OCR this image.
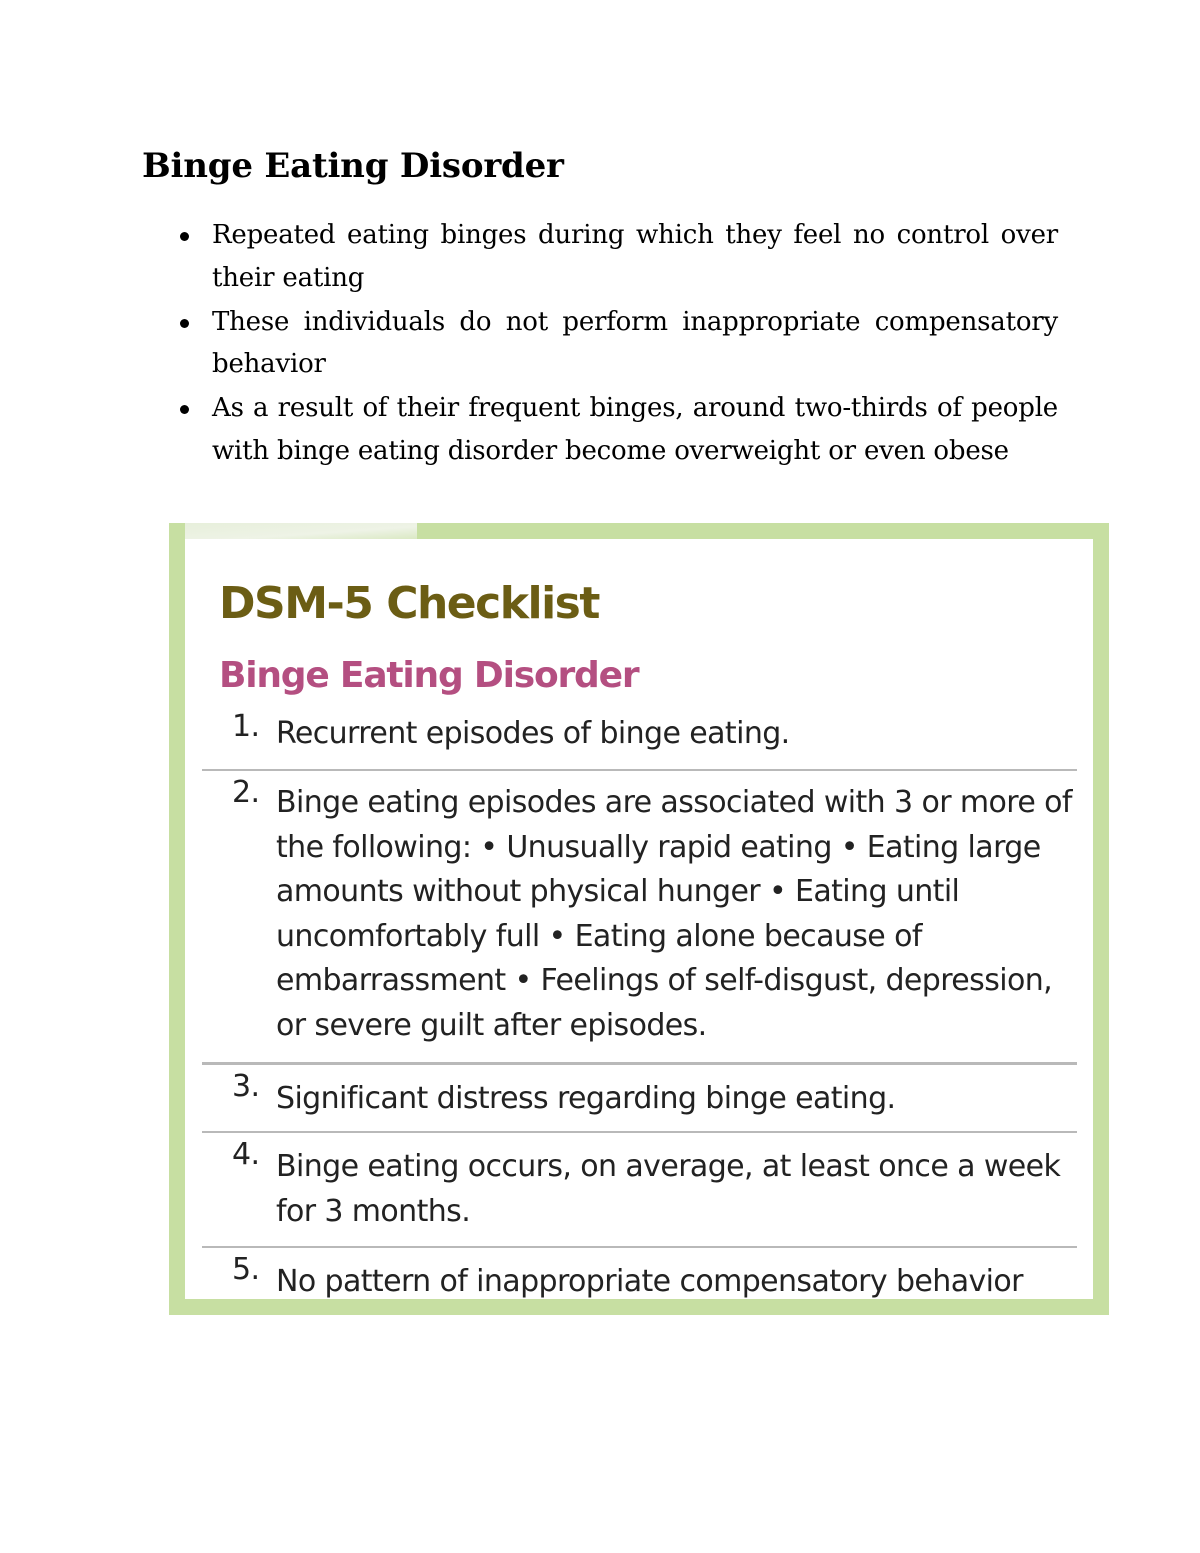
Binge Eating Disorder
Repeated eating binges during which they feel no control over their eating
These individuals do not perform inappropriate compensatory behavior
As a result of their frequent binges, around two-thirds of people with binge eating disorder become overweight or even obese
DSM-5 Checklist
Binge Eating Disorder
1. Recurrent episodes of binge eating.
2. Binge eating episodes are associated with 3 or more of the following: • Unusually rapid eating • Eating large amounts without physical hunger • Eating until uncomfortably full • Eating alone because of embarrassment • Feelings of self-disgust, depression, or severe guilt after episodes.
3. Significant distress regarding binge eating.
4. Binge eating occurs, on average, at least once a week for 3 months.
5. No pattern of inappropriate compensatory behavior
